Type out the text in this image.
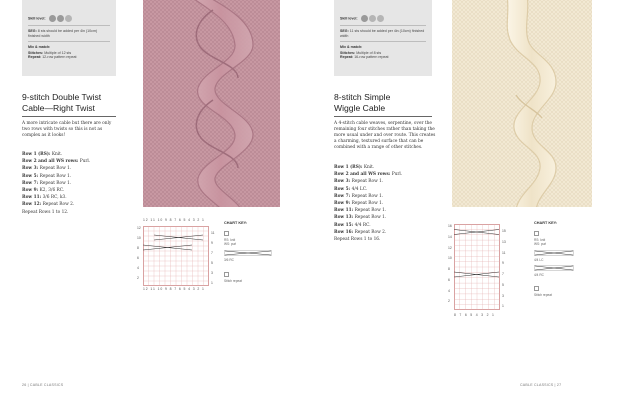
Skill level:
SEG: 8 sts should be added per 4in (10cm) finished width
Mix & match:
Stitches: Multiple of 12 sts
Repeat: 12-row pattern repeat
9-stitch Double Twist
Cable—Right Twist
A more intricate cable but there are only two rows with twists so this is not as complex as it looks!
Row 1 (RS): Knit.
Row 2 and all WS rows: Purl.
Row 3: Repeat Row 1.
Row 5: Repeat Row 1.
Row 7: Repeat Row 1.
Row 9: K2, 3/6 RC.
Row 11: 3/6 RC, k3.
Row 12: Repeat Row 2.
Repeat Rows 1 to 12.
12 11 10 9 8 7 6 5 4 3 2 1
12 11 10 9 8 7 6 5 4 3 2 1
12
10
8
6
4
2
11
9
7
5
3
1
CHART KEY:
RS: knit
WS: purl
3/6 RC
Stitch repeat
26 | CABLE CLASSICS
Skill level:
SEG: 11 sts should be added per 4in (10cm) finished width
Mix & match:
Stitches: Multiple of 8 sts
Repeat: 16-row pattern repeat
8-stitch Simple
Wiggle Cable
A 4-stitch cable weaves, serpentine, over the remaining four stitches rather than taking the more usual under and over route. This creates a charming, textured surface that can be combined with a range of other stitches.
Row 1 (RS): Knit.
Row 2 and all WS rows: Purl.
Row 3: Repeat Row 1.
Row 5: 4/4 LC.
Row 7: Repeat Row 1.
Row 9: Repeat Row 1.
Row 11: Repeat Row 1.
Row 13: Repeat Row 1.
Row 15: 4/4 RC.
Row 16: Repeat Row 2.
Repeat Rows 1 to 16.
8 7 6 5 4 3 2 1
16
14
12
10
8
6
4
2
15
13
11
9
7
5
3
1
CHART KEY:
RS: knit
WS: purl
4/4 LC
4/4 RC
Stitch repeat
CABLE CLASSICS | 27
